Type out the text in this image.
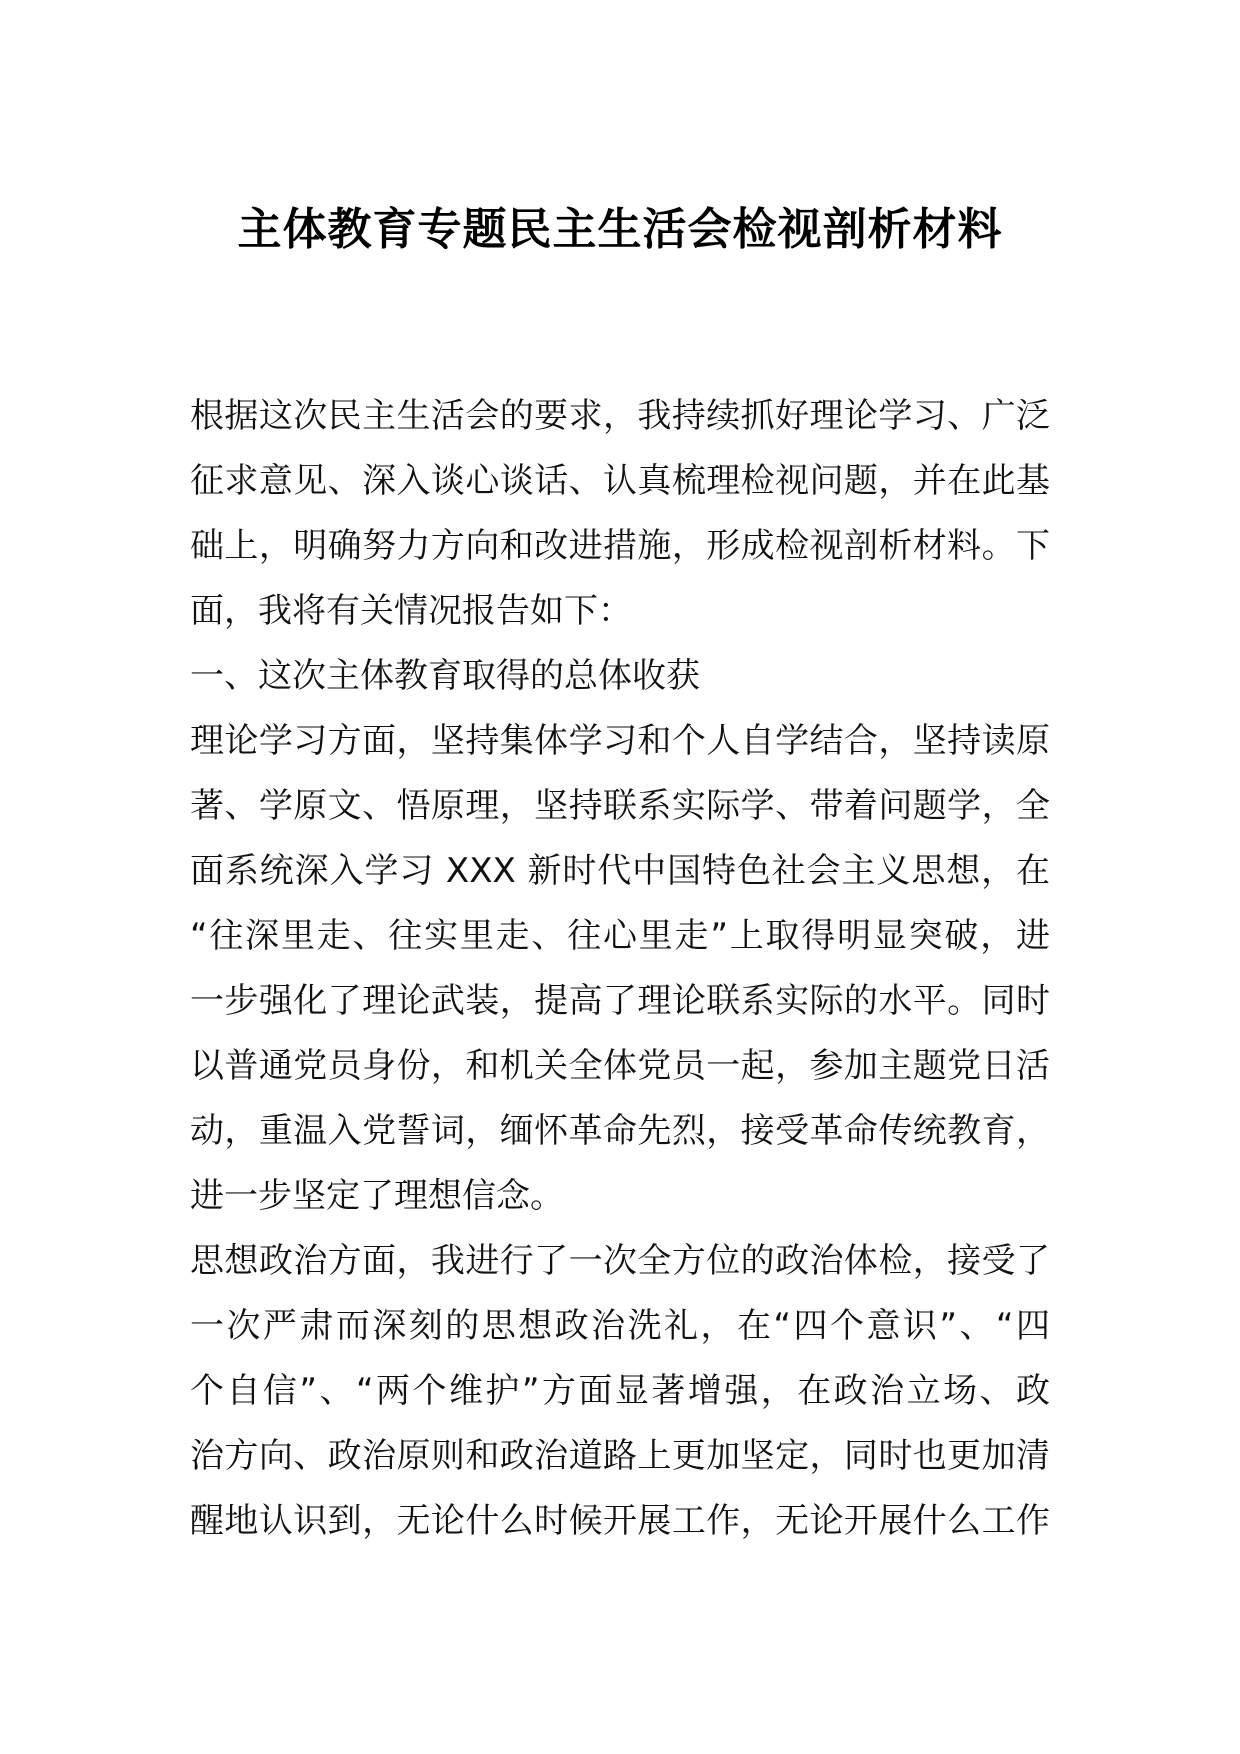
主体教育专题民主生活会检视剖析材料
根据这次民主生活会的要求，我持续抓好理论学习、广泛
征求意见、深入谈心谈话、认真梳理检视问题，并在此基
础上，明确努力方向和改进措施，形成检视剖析材料。下
面，我将有关情况报告如下：
一、这次主体教育取得的总体收获
理论学习方面，坚持集体学习和个人自学结合，坚持读原
著、学原文、悟原理，坚持联系实际学、带着问题学，全
面系统深入学习 XXX 新时代中国特色社会主义思想，在
“往深里走、往实里走、往心里走”上取得明显突破，进
一步强化了理论武装，提高了理论联系实际的水平。同时
以普通党员身份，和机关全体党员一起，参加主题党日活
动，重温入党誓词，缅怀革命先烈，接受革命传统教育，
进一步坚定了理想信念。
思想政治方面，我进行了一次全方位的政治体检，接受了
一次严肃而深刻的思想政治洗礼，在“四个意识”、“四
个自信”、“两个维护”方面显著增强，在政治立场、政
治方向、政治原则和政治道路上更加坚定，同时也更加清
醒地认识到，无论什么时候开展工作，无论开展什么工作
